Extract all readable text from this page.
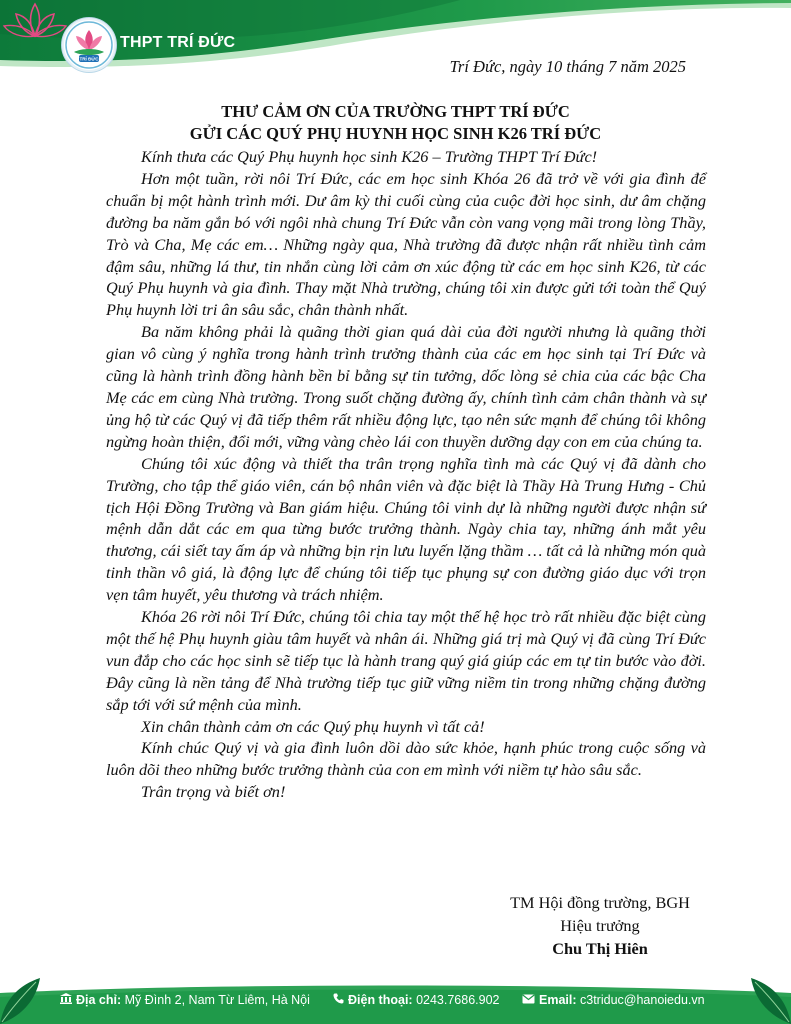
TRÍ ĐỨC
THPT TRÍ ĐỨC
Trí Đức, ngày 10 tháng 7 năm 2025
THƯ CẢM ƠN CỦA TRƯỜNG THPT TRÍ ĐỨC
GỬI CÁC QUÝ PHỤ HUYNH HỌC SINH K26 TRÍ ĐỨC

Kính thưa các Quý Phụ huynh học sinh K26 – Trường THPT Trí Đức!

Hơn một tuần, rời nôi Trí Đức, các em học sinh Khóa 26 đã trở về với gia đình để chuẩn bị một hành trình mới. Dư âm kỳ thi cuối cùng của cuộc đời học sinh, dư âm chặng đường ba năm gắn bó với ngôi nhà chung Trí Đức vẫn còn vang vọng mãi trong lòng Thầy, Trò và Cha, Mẹ các em… Những ngày qua, Nhà trường đã được nhận rất nhiều tình cảm đậm sâu, những lá thư, tin nhắn cùng lời cảm ơn xúc động từ các em học sinh K26, từ các Quý Phụ huynh và gia đình. Thay mặt Nhà trường, chúng tôi xin được gửi tới toàn thể Quý Phụ huynh lời tri ân sâu sắc, chân thành nhất.

Ba năm không phải là quãng thời gian quá dài của đời người nhưng là quãng thời gian vô cùng ý nghĩa trong hành trình trưởng thành của các em học sinh tại Trí Đức và cũng là hành trình đồng hành bền bỉ bằng sự tin tưởng, dốc lòng sẻ chia của các bậc Cha Mẹ các em cùng Nhà trường. Trong suốt chặng đường ấy, chính tình cảm chân thành và sự ủng hộ từ các Quý vị đã tiếp thêm rất nhiều động lực, tạo nên sức mạnh để chúng tôi không ngừng hoàn thiện, đổi mới, vững vàng chèo lái con thuyền dưỡng dạy con em của chúng ta.

Chúng tôi xúc động và thiết tha trân trọng nghĩa tình mà các Quý vị đã dành cho Trường, cho tập thể giáo viên, cán bộ nhân viên và đặc biệt là Thầy Hà Trung Hưng - Chủ tịch Hội Đồng Trường và Ban giám hiệu. Chúng tôi vinh dự là những người được nhận sứ mệnh dẫn dắt các em qua từng bước trưởng thành. Ngày chia tay, những ánh mắt yêu thương, cái siết tay ấm áp và những bịn rịn lưu luyến lặng thầm … tất cả là những món quà tinh thần vô giá, là động lực để chúng tôi tiếp tục phụng sự con đường giáo dục với trọn vẹn tâm huyết, yêu thương và trách nhiệm.

Khóa 26 rời nôi Trí Đức, chúng tôi chia tay một thế hệ học trò rất nhiều đặc biệt cùng một thế hệ Phụ huynh giàu tâm huyết và nhân ái. Những giá trị mà Quý vị đã cùng Trí Đức vun đắp cho các học sinh sẽ tiếp tục là hành trang quý giá giúp các em tự tin bước vào đời. Đây cũng là nền tảng để Nhà trường tiếp tục giữ vững niềm tin trong những chặng đường sắp tới với sứ mệnh của mình.

Xin chân thành cảm ơn các Quý phụ huynh vì tất cả!

Kính chúc Quý vị và gia đình luôn dồi dào sức khỏe, hạnh phúc trong cuộc sống và luôn dõi theo những bước trưởng thành của con em mình với niềm tự hào sâu sắc.

Trân trọng và biết ơn!

TM Hội đồng trường, BGH
Hiệu trưởng
Chu Thị Hiên
Địa chỉ: Mỹ Đình 2, Nam Từ Liêm, Hà Nội	Điện thoại: 0243.7686.902	Email: c3triduc@hanoiedu.vn
